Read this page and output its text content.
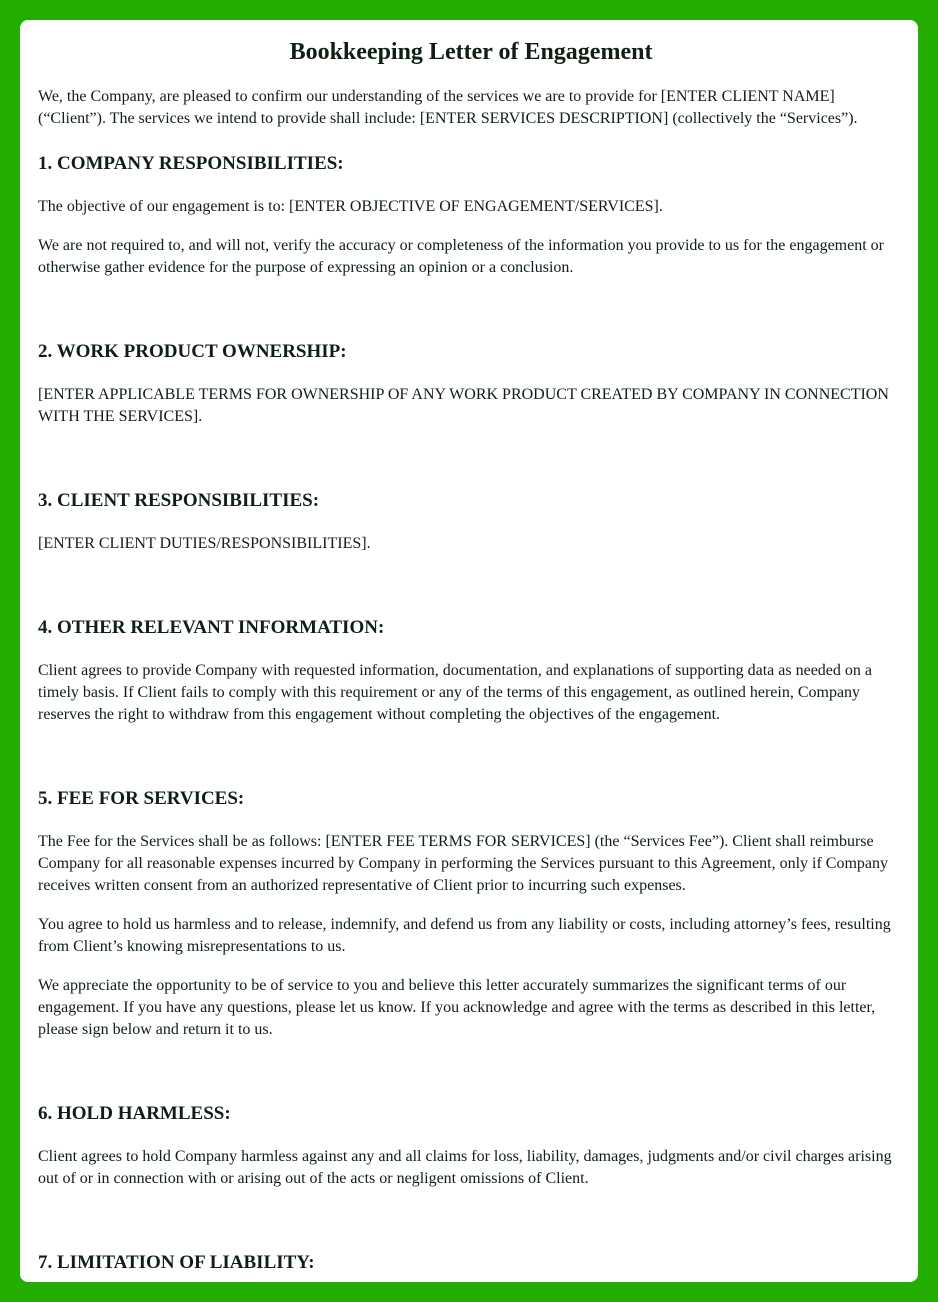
Bookkeeping Letter of Engagement

We, the Company, are pleased to confirm our understanding of the services we are to provide for [ENTER CLIENT NAME] (“Client”). The services we intend to provide shall include: [ENTER SERVICES DESCRIPTION] (collectively the “Services”).

1. COMPANY RESPONSIBILITIES:

The objective of our engagement is to: [ENTER OBJECTIVE OF ENGAGEMENT/SERVICES].

We are not required to, and will not, verify the accuracy or completeness of the information you provide to us for the engagement or otherwise gather evidence for the purpose of expressing an opinion or a conclusion.

2. WORK PRODUCT OWNERSHIP:

[ENTER APPLICABLE TERMS FOR OWNERSHIP OF ANY WORK PRODUCT CREATED BY COMPANY IN CONNECTION WITH THE SERVICES].

3. CLIENT RESPONSIBILITIES:

[ENTER CLIENT DUTIES/RESPONSIBILITIES].

4. OTHER RELEVANT INFORMATION:

Client agrees to provide Company with requested information, documentation, and explanations of supporting data as needed on a timely basis. If Client fails to comply with this requirement or any of the terms of this engagement, as outlined herein, Company reserves the right to withdraw from this engagement without completing the objectives of the engagement.

5. FEE FOR SERVICES:

The Fee for the Services shall be as follows: [ENTER FEE TERMS FOR SERVICES] (the “Services Fee”). Client shall reimburse Company for all reasonable expenses incurred by Company in performing the Services pursuant to this Agreement, only if Company receives written consent from an authorized representative of Client prior to incurring such expenses.

You agree to hold us harmless and to release, indemnify, and defend us from any liability or costs, including attorney’s fees, resulting from Client’s knowing misrepresentations to us.

We appreciate the opportunity to be of service to you and believe this letter accurately summarizes the significant terms of our engagement. If you have any questions, please let us know. If you acknowledge and agree with the terms as described in this letter, please sign below and return it to us.

6. HOLD HARMLESS:

Client agrees to hold Company harmless against any and all claims for loss, liability, damages, judgments and/or civil charges arising out of or in connection with or arising out of the acts or negligent omissions of Client.

7. LIMITATION OF LIABILITY:
